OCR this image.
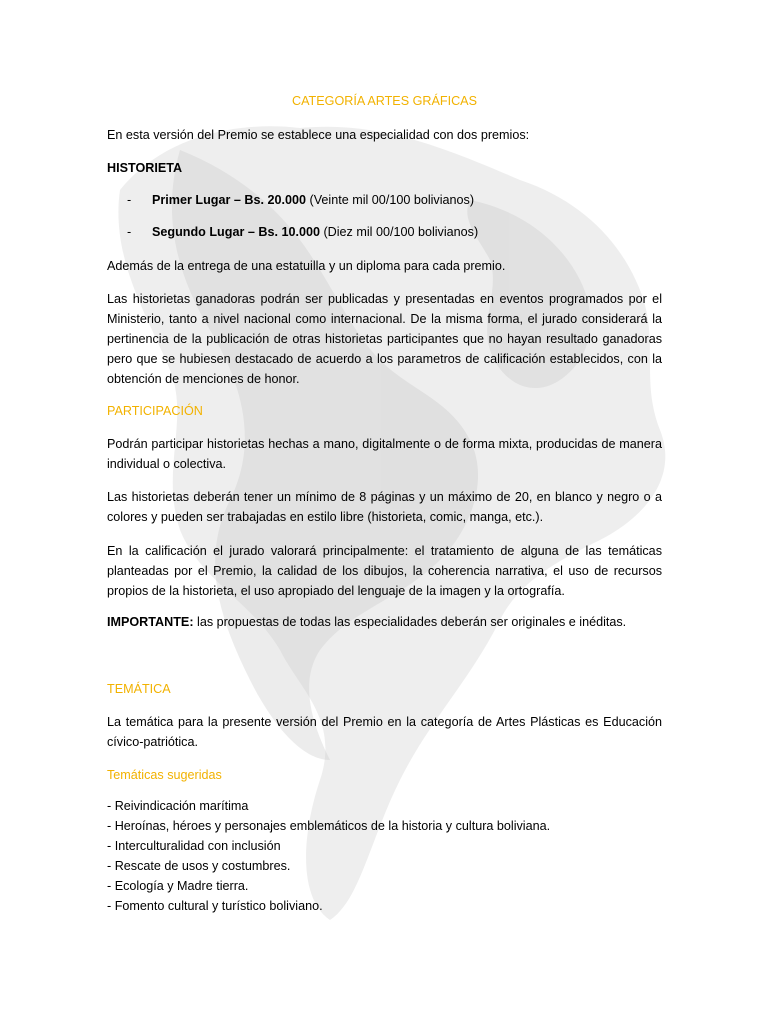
CATEGORÍA ARTES GRÁFICAS

En esta versión del Premio se establece una especialidad con dos premios:

HISTORIETA

- Primer Lugar – Bs. 20.000 (Veinte mil 00/100 bolivianos)
- Segundo Lugar – Bs. 10.000 (Diez mil 00/100 bolivianos)

Además de la entrega de una estatuilla y un diploma para cada premio.

Las historietas ganadoras podrán ser publicadas y presentadas en eventos programados por el Ministerio, tanto a nivel nacional como internacional. De la misma forma, el jurado considerará la pertinencia de la publicación de otras historietas participantes que no hayan resultado ganadoras pero que se hubiesen destacado de acuerdo a los parametros de calificación establecidos, con la obtención de menciones de honor.

PARTICIPACIÓN

Podrán participar historietas hechas a mano, digitalmente o de forma mixta, producidas de manera individual o colectiva.

Las historietas deberán tener un mínimo de 8 páginas y un máximo de 20, en blanco y negro o a colores y pueden ser trabajadas en estilo libre (historieta, comic, manga, etc.).

En la calificación el jurado valorará principalmente: el tratamiento de alguna de las temáticas planteadas por el Premio, la calidad de los dibujos, la coherencia narrativa, el uso de recursos propios de la historieta, el uso apropiado del lenguaje de la imagen y la ortografía.

IMPORTANTE: las propuestas de todas las especialidades deberán ser originales e inéditas.

TEMÁTICA

La temática para la presente versión del Premio en la categoría de Artes Plásticas es Educación cívico-patriótica.

Temáticas sugeridas

- Reivindicación marítima
- Heroínas, héroes y personajes emblemáticos de la historia y cultura boliviana.
- Interculturalidad con inclusión
- Rescate de usos y costumbres.
- Ecología y Madre tierra.
- Fomento cultural y turístico boliviano.
